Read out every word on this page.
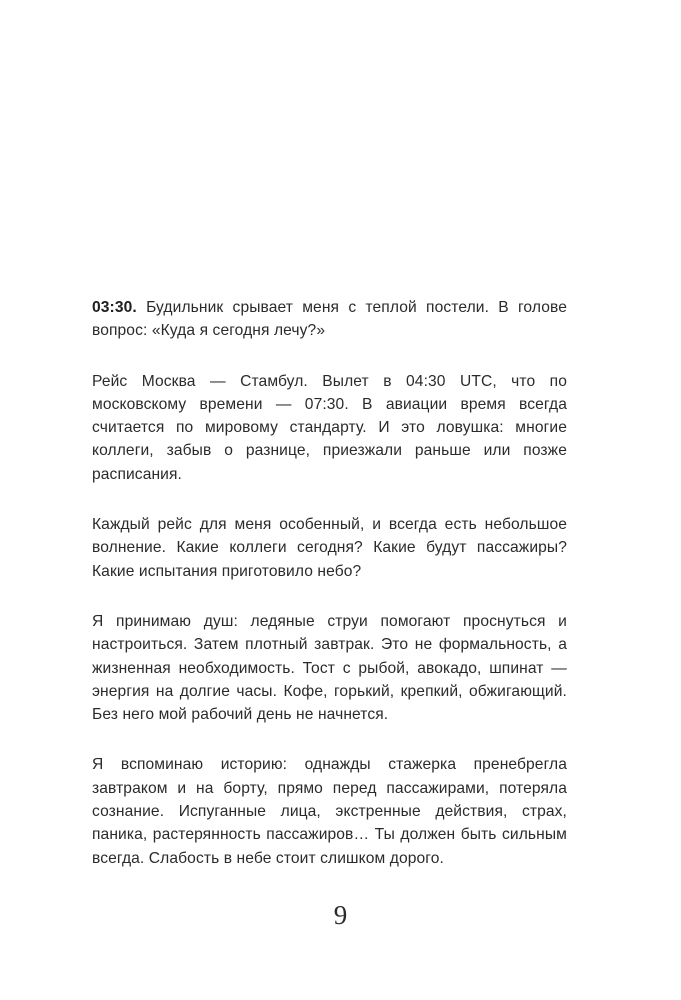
03:30. Будильник срывает меня с теплой постели. В голове вопрос: «Куда я сегодня лечу?»

Рейс Москва — Стамбул. Вылет в 04:30 UTC, что по московскому времени — 07:30. В авиации время всегда считается по мировому стандарту. И это ловушка: многие коллеги, забыв о разнице, приезжали раньше или позже расписания.

Каждый рейс для меня особенный, и всегда есть небольшое волнение. Какие коллеги сегодня? Какие будут пассажиры? Какие испытания приготовило небо?

Я принимаю душ: ледяные струи помогают проснуться и настроиться. Затем плотный завтрак. Это не формальность, а жизненная необходимость. Тост с рыбой, авокадо, шпинат — энергия на долгие часы. Кофе, горький, крепкий, обжигающий. Без него мой рабочий день не начнется.

Я вспоминаю историю: однажды стажерка пренебрегла завтраком и на борту, прямо перед пассажирами, потеряла сознание. Испуганные лица, экстренные действия, страх, паника, растерянность пассажиров… Ты должен быть сильным всегда. Слабость в небе стоит слишком дорого.

9
